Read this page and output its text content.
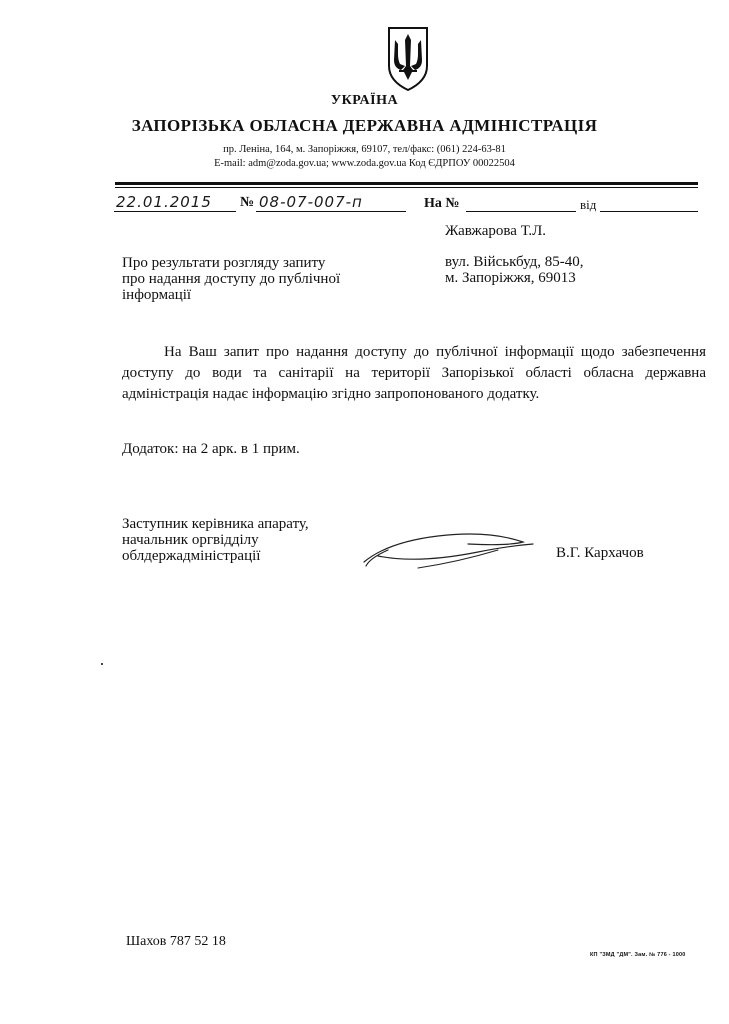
УКРАЇНА
ЗАПОРІЗЬКА ОБЛАСНА ДЕРЖАВНА АДМІНІСТРАЦІЯ
пр. Леніна, 164, м. Запоріжжя, 69107, тел/факс: (061) 224-63-81
E-mail: adm@zoda.gov.ua; www.zoda.gov.ua Код ЄДРПОУ 00022504
22.01.2015 № 08-07-007-п	На №	від
Жавжарова Т.Л.
Про результати розгляду запиту
про надання доступу до публічної
інформації
вул. Військбуд, 85-40,
м. Запоріжжя, 69013
На Ваш запит про надання доступу до публічної інформації щодо забезпечення доступу до води та санітарії на території Запорізької області обласна державна адміністрація надає інформацію згідно запропонованого додатку.
Додаток: на 2 арк. в 1 прим.
Заступник керівника апарату,
начальник оргвідділу
облдержадміністрації	В.Г. Кархачов
Шахов 787 52 18
КП "ЗМД "ДМ". Зам. № 776 - 1000
